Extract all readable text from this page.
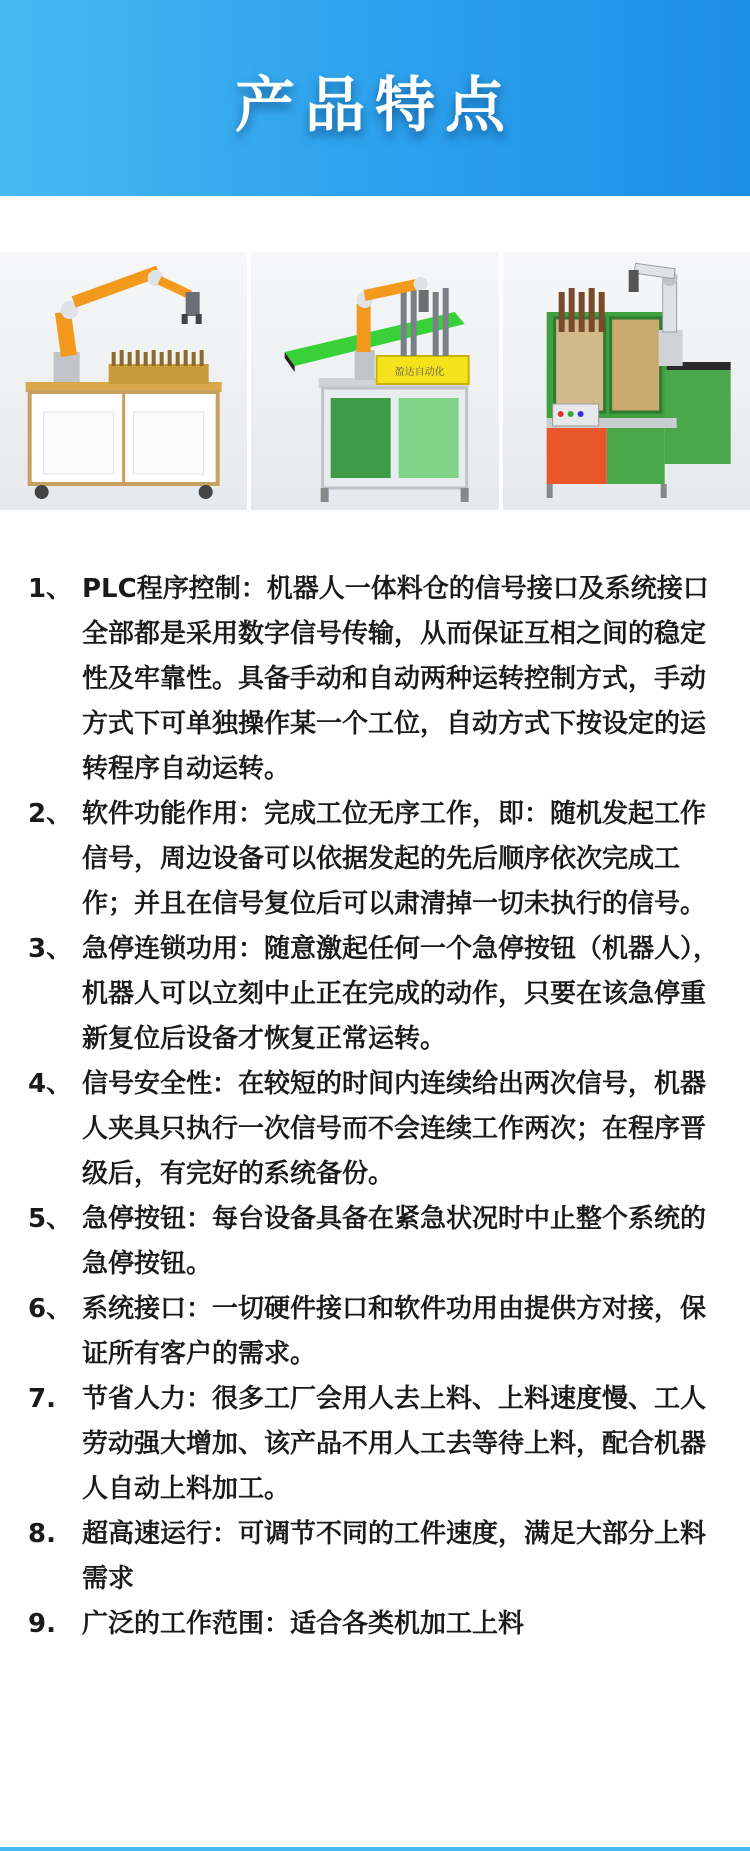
产品特点
盈达自动化
1、 PLC程序控制：机器人一体料仓的信号接口及系统接口全部都是采用数字信号传输，从而保证互相之间的稳定性及牢靠性。具备手动和自动两种运转控制方式，手动方式下可单独操作某一个工位，自动方式下按设定的运转程序自动运转。
2、 软件功能作用：完成工位无序工作，即：随机发起工作信号，周边设备可以依据发起的先后顺序依次完成工作；并且在信号复位后可以肃清掉一切未执行的信号。
3、 急停连锁功用：随意激起任何一个急停按钮（机器人），机器人可以立刻中止正在完成的动作，只要在该急停重新复位后设备才恢复正常运转。
4、 信号安全性：在较短的时间内连续给出两次信号，机器人夹具只执行一次信号而不会连续工作两次；在程序晋级后，有完好的系统备份。
5、 急停按钮：每台设备具备在紧急状况时中止整个系统的急停按钮。
6、 系统接口：一切硬件接口和软件功用由提供方对接，保证所有客户的需求。
7.	节省人力：很多工厂会用人去上料、上料速度慢、工人劳动强大增加、该产品不用人工去等待上料，配合机器人自动上料加工。
8.	超高速运行：可调节不同的工件速度，满足大部分上料需求
9.	广泛的工作范围：适合各类机加工上料
